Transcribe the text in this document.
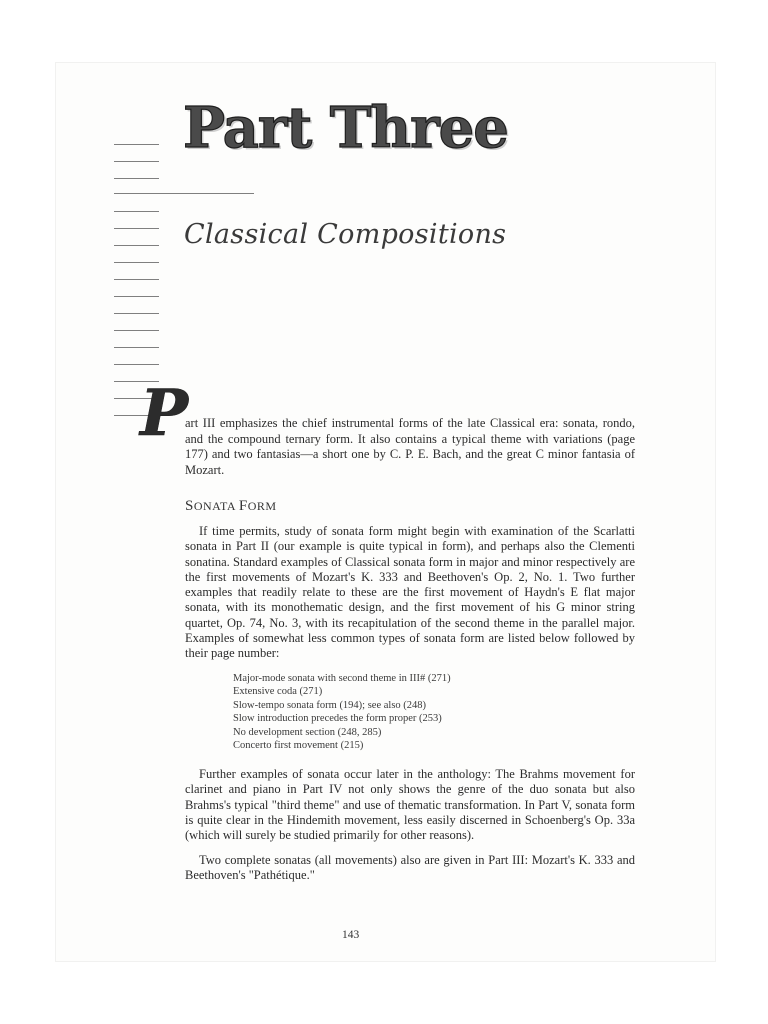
Part Three
Classical Compositions
P

art III emphasizes the chief instrumental forms of the late Classical era: sonata, rondo, and the compound ternary form. It also contains a typical theme with variations (page 177) and two fantasias—a short one by C. P. E. Bach, and the great C minor fantasia of Mozart.

SONATA FORM

If time permits, study of sonata form might begin with examination of the Scarlatti sonata in Part II (our example is quite typical in form), and perhaps also the Clementi sonatina. Standard examples of Classical sonata form in major and minor respectively are the first movements of Mozart's K. 333 and Beethoven's Op. 2, No. 1. Two further examples that readily relate to these are the first movement of Haydn's E flat major sonata, with its monothematic design, and the first movement of his G minor string quartet, Op. 74, No. 3, with its recapitulation of the second theme in the parallel major. Examples of somewhat less common types of sonata form are listed below followed by their page number:

Major-mode sonata with second theme in III# (271)
Extensive coda (271)
Slow-tempo sonata form (194); see also (248)
Slow introduction precedes the form proper (253)
No development section (248, 285)
Concerto first movement (215)

Further examples of sonata occur later in the anthology: The Brahms movement for clarinet and piano in Part IV not only shows the genre of the duo sonata but also Brahms's typical "third theme" and use of thematic transformation. In Part V, sonata form is quite clear in the Hindemith movement, less easily discerned in Schoenberg's Op. 33a (which will surely be studied primarily for other reasons).

Two complete sonatas (all movements) also are given in Part III: Mozart's K. 333 and Beethoven's "Pathétique."

143
